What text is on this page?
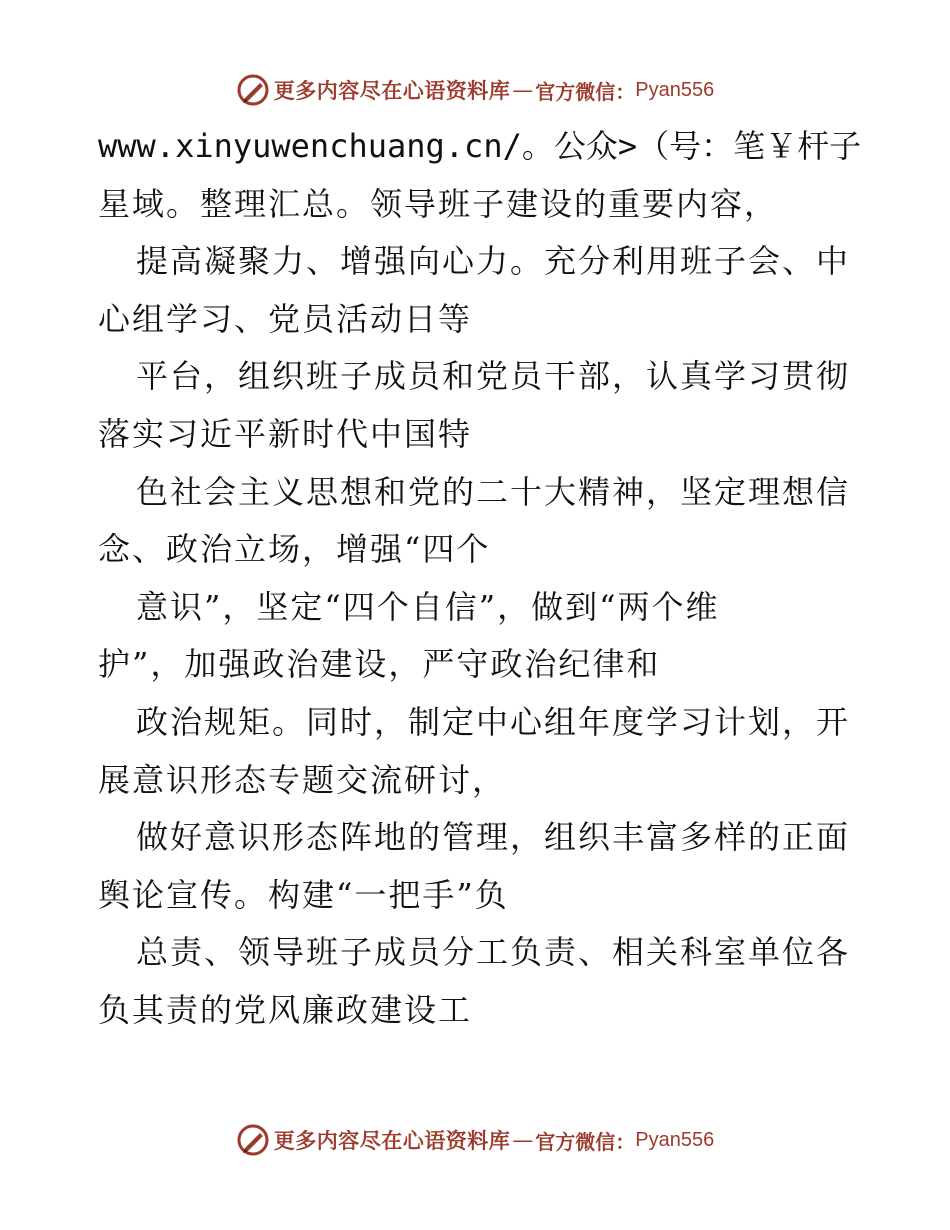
更多内容尽在心语资料库 — 官方微信： Pyan556
www.xinyuwenchuang.cn/。公众>（号：笔￥杆子
星域。整理汇总。领导班子建设的重要内容，
提高凝聚力、增强向心力。充分利用班子会、中
心组学习、党员活动日等
平台，组织班子成员和党员干部，认真学习贯彻
落实习近平新时代中国特
色社会主义思想和党的二十大精神，坚定理想信
念、政治立场，增强“四个
意识”，坚定“四个自信”，做到“两个维
护”，加强政治建设，严守政治纪律和
政治规矩。同时，制定中心组年度学习计划，开
展意识形态专题交流研讨，
做好意识形态阵地的管理，组织丰富多样的正面
舆论宣传。构建“一把手”负
总责、领导班子成员分工负责、相关科室单位各
负其责的党风廉政建设工
更多内容尽在心语资料库 — 官方微信： Pyan556
